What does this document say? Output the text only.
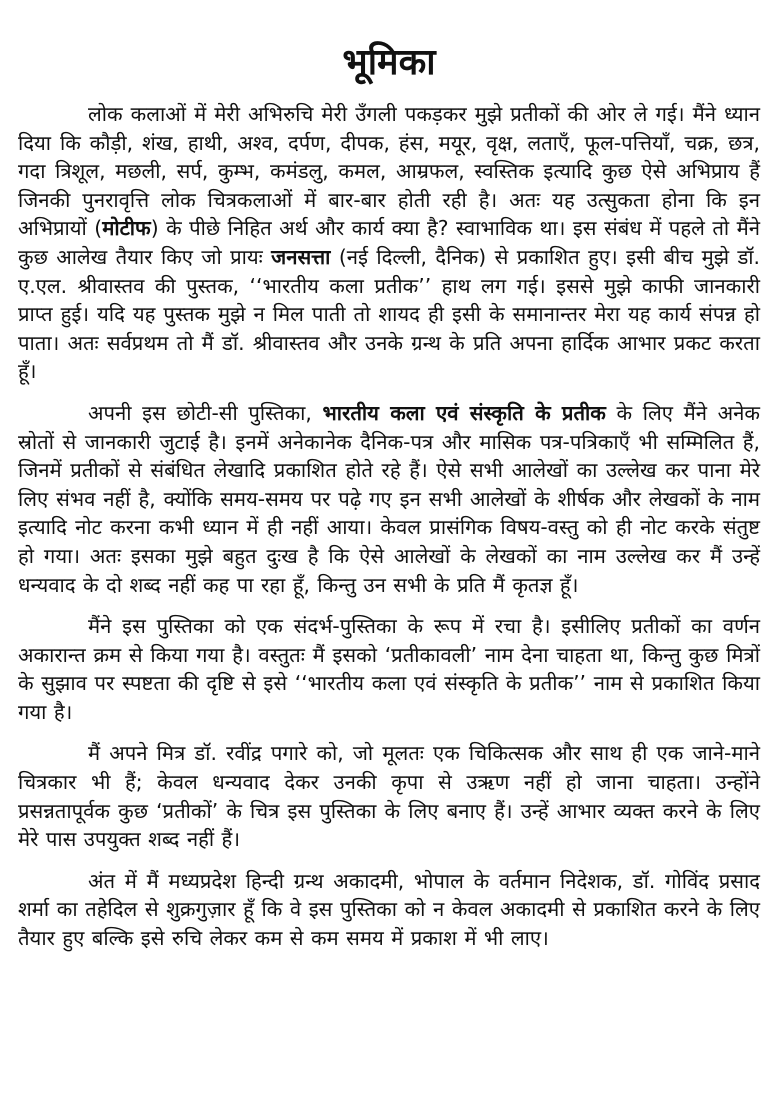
भूमिका

लोक कलाओं में मेरी अभिरुचि मेरी उँगली पकड़कर मुझे प्रतीकों की ओर ले गई। मैंने ध्यान दिया कि कौड़ी, शंख, हाथी, अश्व, दर्पण, दीपक, हंस, मयूर, वृक्ष, लताएँ, फूल-पत्तियाँ, चक्र, छत्र, गदा त्रिशूल, मछली, सर्प, कुम्भ, कमंडलु, कमल, आम्रफल, स्वस्तिक इत्यादि कुछ ऐसे अभिप्राय हैं जिनकी पुनरावृत्ति लोक चित्रकलाओं में बार-बार होती रही है। अतः यह उत्सुकता होना कि इन अभिप्रायों (मोटीफ) के पीछे निहित अर्थ और कार्य क्या है? स्वाभाविक था। इस संबंध में पहले तो मैंने कुछ आलेख तैयार किए जो प्रायः जनसत्ता (नई दिल्ली, दैनिक) से प्रकाशित हुए। इसी बीच मुझे डॉ. ए.एल. श्रीवास्तव की पुस्तक, ‘‘भारतीय कला प्रतीक’’ हाथ लग गई। इससे मुझे काफी जानकारी प्राप्त हुई। यदि यह पुस्तक मुझे न मिल पाती तो शायद ही इसी के समानान्तर मेरा यह कार्य संपन्न हो पाता। अतः सर्वप्रथम तो मैं डॉ. श्रीवास्तव और उनके ग्रन्थ के प्रति अपना हार्दिक आभार प्रकट करता हूँ।

अपनी इस छोटी-सी पुस्तिका, भारतीय कला एवं संस्कृति के प्रतीक के लिए मैंने अनेक स्रोतों से जानकारी जुटाई है। इनमें अनेकानेक दैनिक-पत्र और मासिक पत्र-पत्रिकाएँ भी सम्मिलित हैं, जिनमें प्रतीकों से संबंधित लेखादि प्रकाशित होते रहे हैं। ऐसे सभी आलेखों का उल्लेख कर पाना मेरे लिए संभव नहीं है, क्योंकि समय-समय पर पढ़े गए इन सभी आलेखों के शीर्षक और लेखकों के नाम इत्यादि नोट करना कभी ध्यान में ही नहीं आया। केवल प्रासंगिक विषय-वस्तु को ही नोट करके संतुष्ट हो गया। अतः इसका मुझे बहुत दुःख है कि ऐसे आलेखों के लेखकों का नाम उल्लेख कर मैं उन्हें धन्यवाद के दो शब्द नहीं कह पा रहा हूँ, किन्तु उन सभी के प्रति मैं कृतज्ञ हूँ।

मैंने इस पुस्तिका को एक संदर्भ-पुस्तिका के रूप में रचा है। इसीलिए प्रतीकों का वर्णन अकारान्त क्रम से किया गया है। वस्तुतः मैं इसको ‘प्रतीकावली’ नाम देना चाहता था, किन्तु कुछ मित्रों के सुझाव पर स्पष्टता की दृष्टि से इसे ‘‘भारतीय कला एवं संस्कृति के प्रतीक’’ नाम से प्रकाशित किया गया है।

मैं अपने मित्र डॉ. रवींद्र पगारे को, जो मूलतः एक चिकित्सक और साथ ही एक जाने-माने चित्रकार भी हैं; केवल धन्यवाद देकर उनकी कृपा से उऋण नहीं हो जाना चाहता। उन्होंने प्रसन्नतापूर्वक कुछ ‘प्रतीकों’ के चित्र इस पुस्तिका के लिए बनाए हैं। उन्हें आभार व्यक्त करने के लिए मेरे पास उपयुक्त शब्द नहीं हैं।

अंत में मैं मध्यप्रदेश हिन्दी ग्रन्थ अकादमी, भोपाल के वर्तमान निदेशक, डॉ. गोविंद प्रसाद शर्मा का तहेदिल से शुक्रगुज़ार हूँ कि वे इस पुस्तिका को न केवल अकादमी से प्रकाशित करने के लिए तैयार हुए बल्कि इसे रुचि लेकर कम से कम समय में प्रकाश में भी लाए।
